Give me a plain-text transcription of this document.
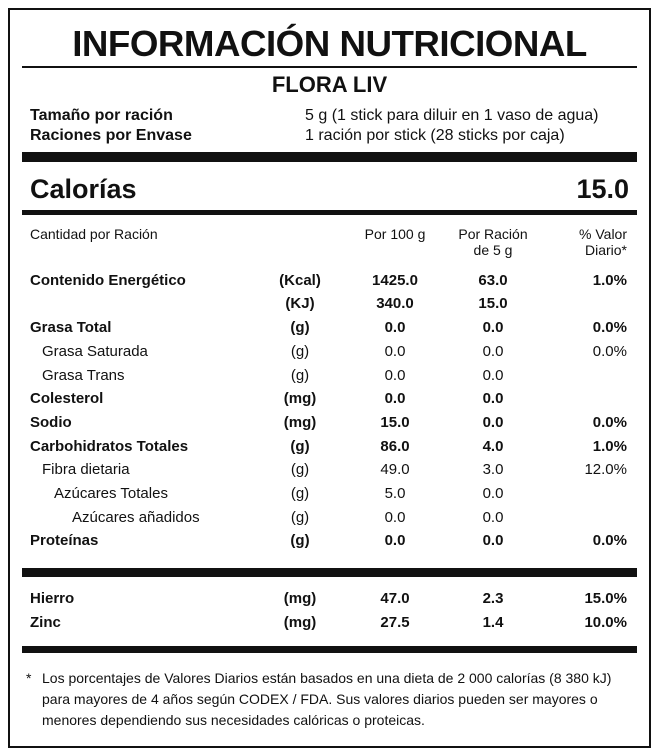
INFORMACIÓN NUTRICIONAL
FLORA LIV
Tamaño por ración	5 g (1 stick para diluir en 1 vaso de agua)
Raciones por Envase	1 ración por stick (28 sticks por caja)
Calorías	15.0
Cantidad por Ración	Por 100 g	Por Ración
de 5 g
% Valor
Diario*
Contenido Energético	(Kcal)	1425.0	63.0	1.0%
(KJ)	340.0	15.0
Grasa Total	(g)	0.0	0.0	0.0%
Grasa Saturada	(g)	0.0	0.0	0.0%
Grasa Trans	(g)	0.0	0.0
Colesterol	(mg)	0.0	0.0
Sodio	(mg)	15.0	0.0	0.0%
Carbohidratos Totales	(g)	86.0	4.0	1.0%
Fibra dietaria	(g)	49.0	3.0	12.0%
Azúcares Totales	(g)	5.0	0.0
Azúcares añadidos	(g)	0.0	0.0
Proteínas	(g)	0.0	0.0	0.0%
Hierro	(mg)	47.0	2.3	15.0%
Zinc	(mg)	27.5	1.4	10.0%
* Los porcentajes de Valores Diarios están basados en una dieta de 2 000 calorías (8 380 kJ) para mayores de 4 años según CODEX / FDA. Sus valores diarios pueden ser mayores o menores dependiendo sus necesidades calóricas o proteicas.
